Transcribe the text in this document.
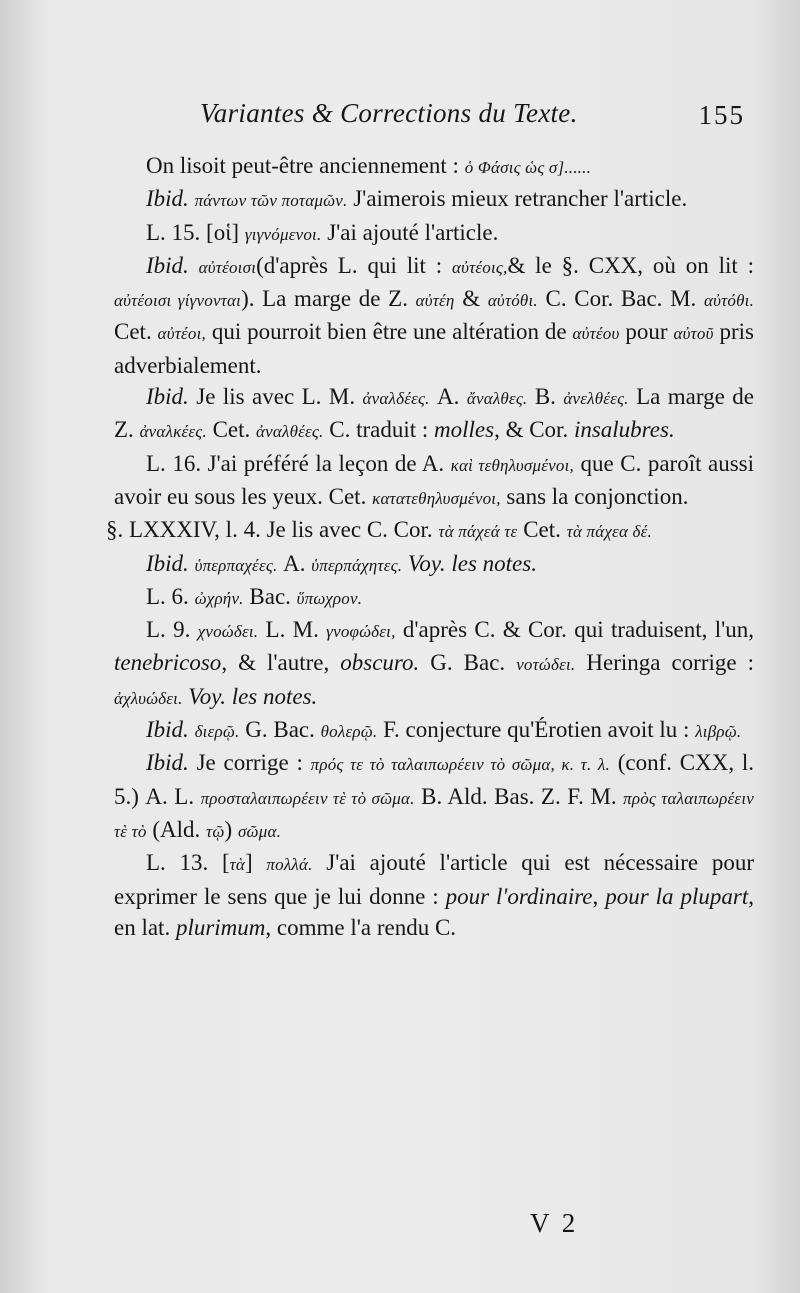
Variantes & Corrections du Texte.	155

On lisoit peut-être anciennement : ὁ Φάσις ὡς σ]......

Ibid. πάντων τῶν ποταμῶν. J'aimerois mieux retrancher l'article.

L. 15. [οἱ] γιγνόμενοι. J'ai ajouté l'article.

Ibid. αὐτέοισι(d'après L. qui lit : αὐτέοις,& le §. CXX, où on lit : αὐτέοισι γίγνονται). La marge de Z. αὐτέη & αὐτόθι. C. Cor. Bac. M. αὐτόθι. Cet. αὐτέοι, qui pourroit bien être une altération de αὐτέου pour αὐτοῦ pris adverbialement.

Ibid. Je lis avec L. M. ἀναλδέες. A. ἄναλθες. B. ἀνελθέες. La marge de Z. ἀναλκέες. Cet. ἀναλθέες. C. traduit : molles, & Cor. insalubres.

L. 16. J'ai préféré la leçon de A. καὶ τεθηλυσμένοι, que C. paroît aussi avoir eu sous les yeux. Cet. κατατεθηλυσμένοι, sans la conjonction.

§. LXXXIV, l. 4. Je lis avec C. Cor. τὰ πάχεά τε Cet. τὰ πάχεα δέ.

Ibid. ὑπερπαχέες. A. ὑπερπάχητες. Voy. les notes.

L. 6. ὠχρήν. Bac. ὕπωχρον.

L. 9. χνοώδει. L. M. γνοφώδει, d'après C. & Cor. qui traduisent, l'un, tenebricoso, & l'autre, obscuro. G. Bac. νοτώδει. Heringa corrige : ἀχλυώδει. Voy. les notes.

Ibid. διερῷ. G. Bac. θολερῷ. F. conjecture qu'Érotien avoit lu : λιβρῷ.

Ibid. Je corrige : πρός τε τὸ ταλαιπωρέειν τὸ σῶμα, κ. τ. λ. (conf. CXX, l. 5.) A. L. προσταλαιπωρέειν τὲ τὸ σῶμα. B. Ald. Bas. Z. F. M. πρὸς ταλαιπωρέειν τὲ τὸ (Ald. τῷ) σῶμα.

L. 13. [τὰ] πολλά. J'ai ajouté l'article qui est nécessaire pour exprimer le sens que je lui donne : pour l'ordinaire, pour la plupart, en lat. plurimum, comme l'a rendu C.

V 2
